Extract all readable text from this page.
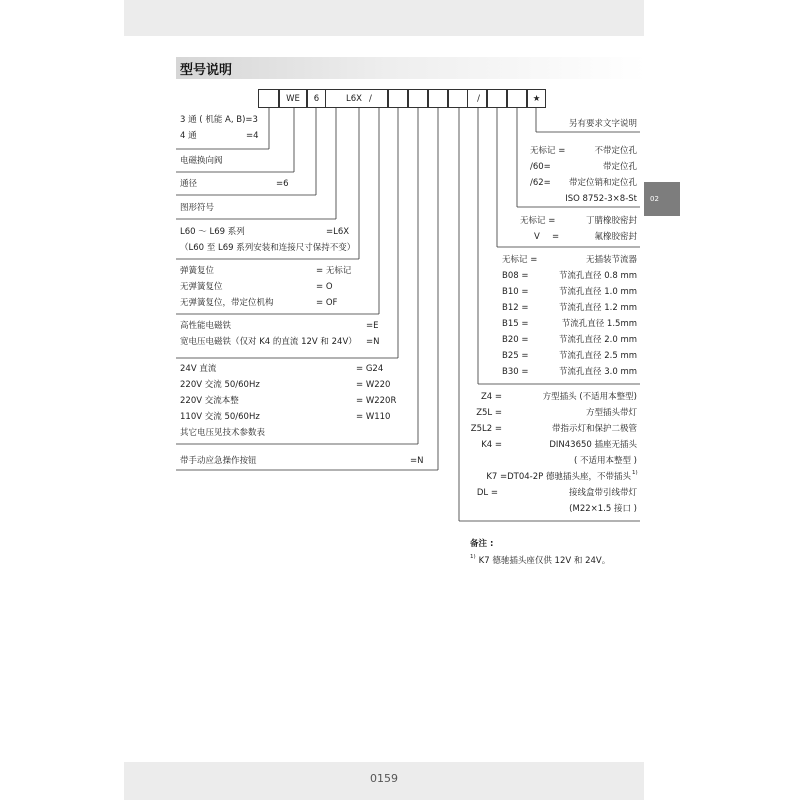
02
型号说明
WE 6	L6X /	/	★
3 通 ( 机能 A, B)=3
4 通	=4
电磁换向阀
通径	=6
图形符号
L60 ～ L69 系列	=L6X
（L60 至 L69 系列安装和连接尺寸保持不变）
弹簧复位	= 无标记
无弹簧复位	= O
无弹簧复位，带定位机构	= OF
高性能电磁铁	=E
宽电压电磁铁（仅对 K4 的直流 12V 和 24V） =N
24V 直流	= G24
220V 交流 50/60Hz	= W220
220V 交流本整	= W220R
110V 交流 50/60Hz	= W110
其它电压见技术参数表
带手动应急操作按钮	=N
另有要求文字说明
无标记 =	不带定位孔
/60=	带定位孔
/62=	带定位销和定位孔
ISO 8752-3×8-St
无标记 =	丁腈橡胶密封
V =	氟橡胶密封
无标记 =	无插装节流器
B08 =	节流孔直径 0.8 mm
B10 =	节流孔直径 1.0 mm
B12 =	节流孔直径 1.2 mm
B15 =	节流孔直径 1.5mm
B20 =	节流孔直径 2.0 mm
B25 =	节流孔直径 2.5 mm
B30 =	节流孔直径 3.0 mm
Z4 =	方型插头 (不适用本整型)
Z5L =	方型插头带灯
Z5L2 =	带指示灯和保护二极管
K4 =	DIN43650 插座无插头
( 不适用本整型 )
K7 =DT04-2P 德驰插头座，不带插头 1)
DL =	接线盒带引线带灯
(M22×1.5 接口 )
备注 :
$^{1)}$ K7 德驰插头座仅供 12V 和 24V。
0159
